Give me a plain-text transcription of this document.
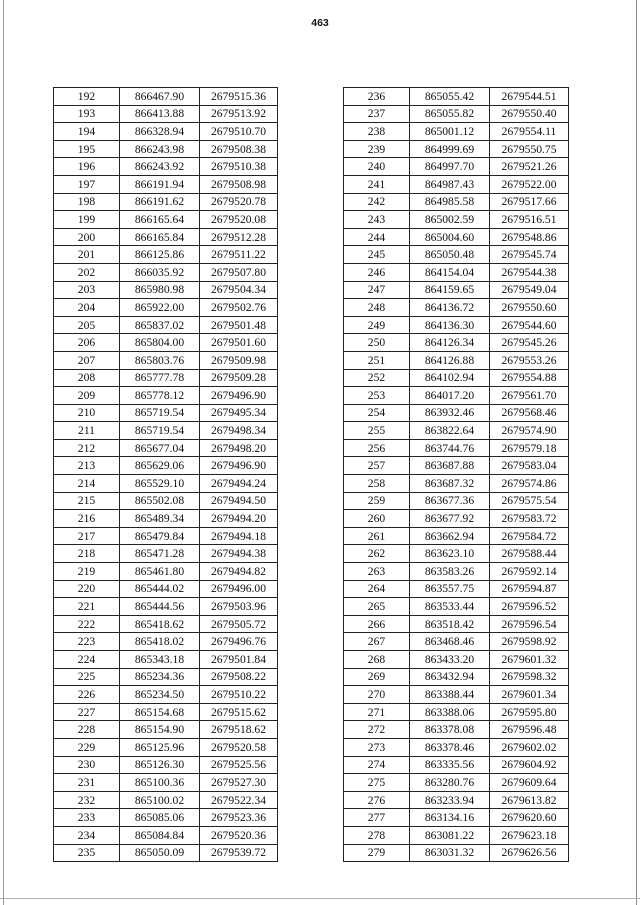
463
192	866467.90	2679515.36
193	866413.88	2679513.92
194	866328.94	2679510.70
195	866243.98	2679508.38
196	866243.92	2679510.38
197	866191.94	2679508.98
198	866191.62	2679520.78
199	866165.64	2679520.08
200	866165.84	2679512.28
201	866125.86	2679511.22
202	866035.92	2679507.80
203	865980.98	2679504.34
204	865922.00	2679502.76
205	865837.02	2679501.48
206	865804.00	2679501.60
207	865803.76	2679509.98
208	865777.78	2679509.28
209	865778.12	2679496.90
210	865719.54	2679495.34
211	865719.54	2679498.34
212	865677.04	2679498.20
213	865629.06	2679496.90
214	865529.10	2679494.24
215	865502.08	2679494.50
216	865489.34	2679494.20
217	865479.84	2679494.18
218	865471.28	2679494.38
219	865461.80	2679494.82
220	865444.02	2679496.00
221	865444.56	2679503.96
222	865418.62	2679505.72
223	865418.02	2679496.76
224	865343.18	2679501.84
225	865234.36	2679508.22
226	865234.50	2679510.22
227	865154.68	2679515.62
228	865154.90	2679518.62
229	865125.96	2679520.58
230	865126.30	2679525.56
231	865100.36	2679527.30
232	865100.02	2679522.34
233	865085.06	2679523.36
234	865084.84	2679520.36
235	865050.09	2679539.72
236	865055.42	2679544.51
237	865055.82	2679550.40
238	865001.12	2679554.11
239	864999.69	2679550.75
240	864997.70	2679521.26
241	864987.43	2679522.00
242	864985.58	2679517.66
243	865002.59	2679516.51
244	865004.60	2679548.86
245	865050.48	2679545.74
246	864154.04	2679544.38
247	864159.65	2679549.04
248	864136.72	2679550.60
249	864136.30	2679544.60
250	864126.34	2679545.26
251	864126.88	2679553.26
252	864102.94	2679554.88
253	864017.20	2679561.70
254	863932.46	2679568.46
255	863822.64	2679574.90
256	863744.76	2679579.18
257	863687.88	2679583.04
258	863687.32	2679574.86
259	863677.36	2679575.54
260	863677.92	2679583.72
261	863662.94	2679584.72
262	863623.10	2679588.44
263	863583.26	2679592.14
264	863557.75	2679594.87
265	863533.44	2679596.52
266	863518.42	2679596.54
267	863468.46	2679598.92
268	863433.20	2679601.32
269	863432.94	2679598.32
270	863388.44	2679601.34
271	863388.06	2679595.80
272	863378.08	2679596.48
273	863378.46	2679602.02
274	863335.56	2679604.92
275	863280.76	2679609.64
276	863233.94	2679613.82
277	863134.16	2679620.60
278	863081.22	2679623.18
279	863031.32	2679626.56
